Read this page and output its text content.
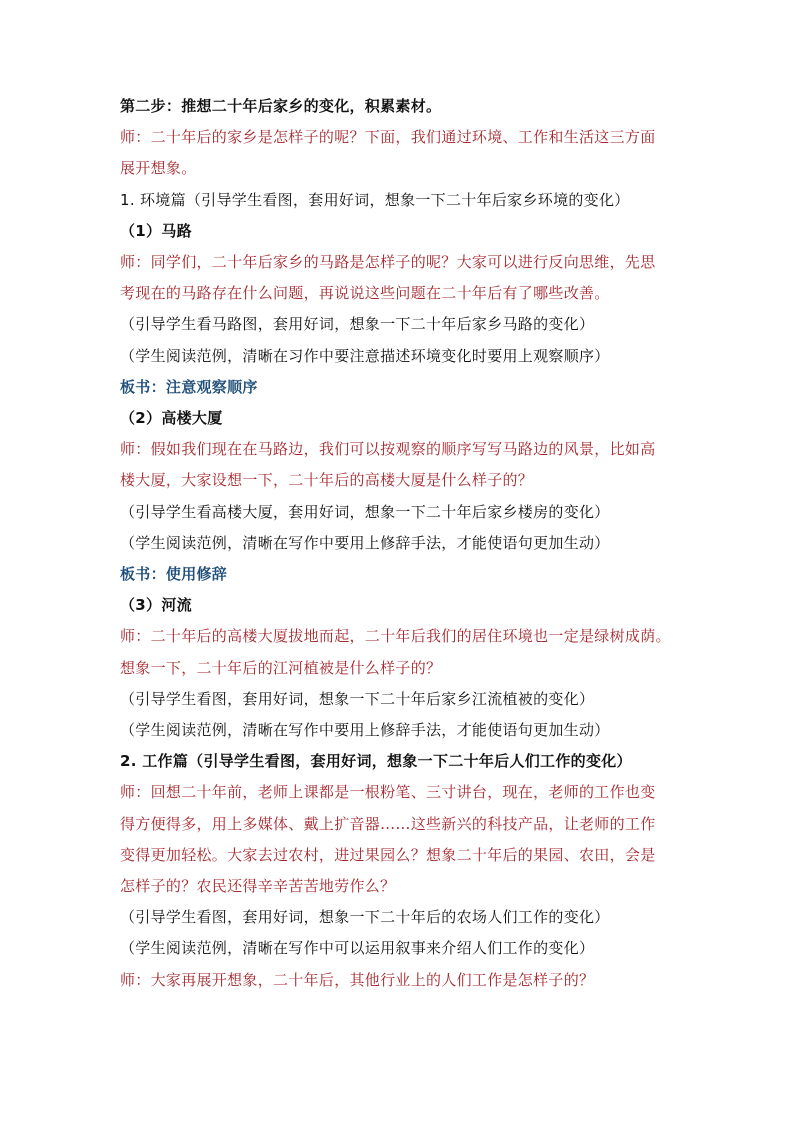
第二步：推想二十年后家乡的变化，积累素材。
师：二十年后的家乡是怎样子的呢？下面，我们通过环境、工作和生活这三方面
展开想象。
1. 环境篇（引导学生看图，套用好词，想象一下二十年后家乡环境的变化）
（1）马路
师：同学们，二十年后家乡的马路是怎样子的呢？大家可以进行反向思维，先思
考现在的马路存在什么问题，再说说这些问题在二十年后有了哪些改善。
（引导学生看马路图，套用好词，想象一下二十年后家乡马路的变化）
（学生阅读范例，清晰在习作中要注意描述环境变化时要用上观察顺序）
板书：注意观察顺序
（2）高楼大厦
师：假如我们现在在马路边，我们可以按观察的顺序写写马路边的风景，比如高
楼大厦，大家设想一下，二十年后的高楼大厦是什么样子的？
（引导学生看高楼大厦，套用好词，想象一下二十年后家乡楼房的变化）
（学生阅读范例，清晰在写作中要用上修辞手法，才能使语句更加生动）
板书：使用修辞
（3）河流
师：二十年后的高楼大厦拔地而起，二十年后我们的居住环境也一定是绿树成荫。
想象一下，二十年后的江河植被是什么样子的？
（引导学生看图，套用好词，想象一下二十年后家乡江流植被的变化）
（学生阅读范例，清晰在写作中要用上修辞手法，才能使语句更加生动）
2. 工作篇（引导学生看图，套用好词，想象一下二十年后人们工作的变化）
师：回想二十年前，老师上课都是一根粉笔、三寸讲台，现在，老师的工作也变
得方便得多，用上多媒体、戴上扩音器……这些新兴的科技产品，让老师的工作
变得更加轻松。大家去过农村，进过果园么？想象二十年后的果园、农田，会是
怎样子的？农民还得辛辛苦苦地劳作么？
（引导学生看图，套用好词，想象一下二十年后的农场人们工作的变化）
（学生阅读范例，清晰在写作中可以运用叙事来介绍人们工作的变化）
师：大家再展开想象，二十年后，其他行业上的人们工作是怎样子的？
